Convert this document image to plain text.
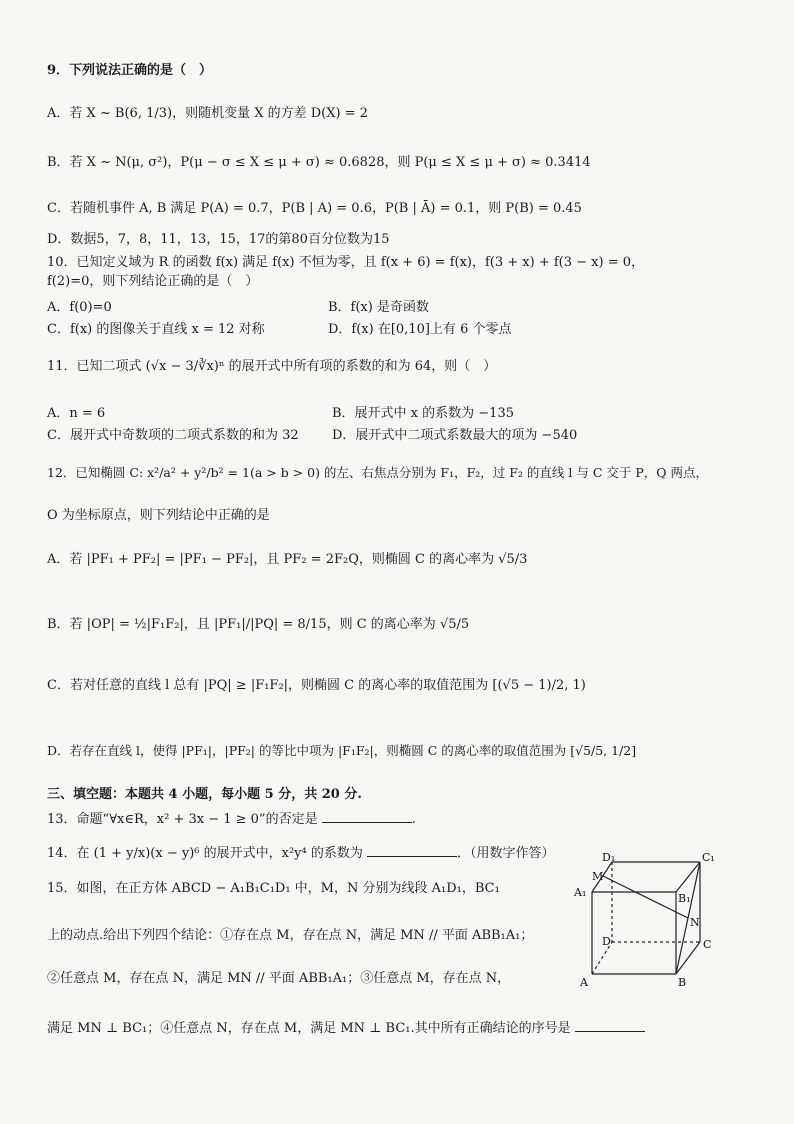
9．下列说法正确的是（　）
A．若 X ~ B(6, 1/3)，则随机变量 X 的方差 D(X) = 2
B．若 X ~ N(μ, σ²)，P(μ − σ ≤ X ≤ μ + σ) ≈ 0.6828，则 P(μ ≤ X ≤ μ + σ) ≈ 0.3414
C．若随机事件 A, B 满足 P(A) = 0.7，P(B | A) = 0.6，P(B | Ā) = 0.1，则 P(B) = 0.45
D．数据5，7，8，11，13，15，17的第80百分位数为15
10．已知定义域为 R 的函数 f(x) 满足 f(x) 不恒为零，且 f(x + 6) = f(x)，f(3 + x) + f(3 − x) = 0，
f(2)=0，则下列结论正确的是（　）
A．f(0)=0	B．f(x) 是奇函数
C．f(x) 的图像关于直线 x = 12 对称	D．f(x) 在[0,10]上有 6 个零点
11．已知二项式 (√x − 3/∛x)ⁿ 的展开式中所有项的系数的和为 64，则（　）
A．n = 6	B．展开式中 x 的系数为 −135
C．展开式中奇数项的二项式系数的和为 32	D．展开式中二项式系数最大的项为 −540
12．已知椭圆 C: x²/a² + y²/b² = 1(a > b > 0) 的左、右焦点分别为 F₁，F₂，过 F₂ 的直线 l 与 C 交于 P，Q 两点，
O 为坐标原点，则下列结论中正确的是
A．若 |PF₁ + PF₂| = |PF₁ − PF₂|，且 PF₂ = 2F₂Q，则椭圆 C 的离心率为 √5/3
B．若 |OP| = ½|F₁F₂|，且 |PF₁|/|PQ| = 8/15，则 C 的离心率为 √5/5
C．若对任意的直线 l 总有 |PQ| ≥ |F₁F₂|，则椭圆 C 的离心率的取值范围为 [(√5 − 1)/2, 1)
D．若存在直线 l，使得 |PF₁|，|PF₂| 的等比中项为 |F₁F₂|，则椭圆 C 的离心率的取值范围为 [√5/5, 1/2]
三、填空题：本题共 4 小题，每小题 5 分，共 20 分.
13．命题“∀x∈R，x² + 3x − 1 ≥ 0”的否定是	.
14．在 (1 + y/x)(x − y)⁶ 的展开式中，x²y⁴ 的系数为	．（用数字作答）
15．如图，在正方体 ABCD − A₁B₁C₁D₁ 中，M，N 分别为线段 A₁D₁，BC₁
上的动点.给出下列四个结论：①存在点 M，存在点 N，满足 MN // 平面 ABB₁A₁；
②任意点 M，存在点 N，满足 MN // 平面 ABB₁A₁；③任意点 M，存在点 N，
满足 MN ⊥ BC₁；④任意点 N，存在点 M，满足 MN ⊥ BC₁.其中所有正确结论的序号是
D₁	C₁
M
A₁	B₁
N
D	C
A	B
